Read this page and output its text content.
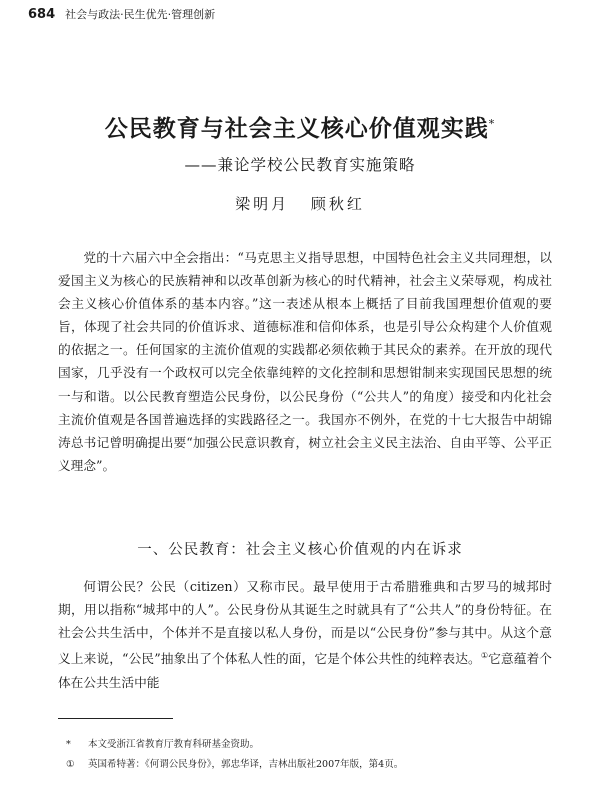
684 社会与政法·民生优先·管理创新
公民教育与社会主义核心价值观实践*
——兼论学校公民教育实施策略
梁明月 顾秋红

党的十六届六中全会指出：“马克思主义指导思想，中国特色社会主义共同理想，以爱国主义为核心的民族精神和以改革创新为核心的时代精神，社会主义荣辱观，构成社会主义核心价值体系的基本内容。”这一表述从根本上概括了目前我国理想价值观的要旨，体现了社会共同的价值诉求、道德标准和信仰体系，也是引导公众构建个人价值观的依据之一。任何国家的主流价值观的实践都必须依赖于其民众的素养。在开放的现代国家，几乎没有一个政权可以完全依靠纯粹的文化控制和思想钳制来实现国民思想的统一与和谐。以公民教育塑造公民身份，以公民身份（“公共人”的角度）接受和内化社会主流价值观是各国普遍选择的实践路径之一。我国亦不例外，在党的十七大报告中胡锦涛总书记曾明确提出要“加强公民意识教育，树立社会主义民主法治、自由平等、公平正义理念”。

一、公民教育：社会主义核心价值观的内在诉求

何谓公民？公民（citizen）又称市民。最早使用于古希腊雅典和古罗马的城邦时期，用以指称“城邦中的人”。公民身份从其诞生之时就具有了“公共人”的身份特征。在社会公共生活中，个体并不是直接以私人身份，而是以“公民身份”参与其中。从这个意义上来说，“公民”抽象出了个体私人性的面，它是个体公共性的纯粹表达。①它意蕴着个体在公共生活中能

* 本文受浙江省教育厅教育科研基金资助。
① 英国希特著：《何谓公民身份》，郭忠华译，吉林出版社2007年版，第4页。
